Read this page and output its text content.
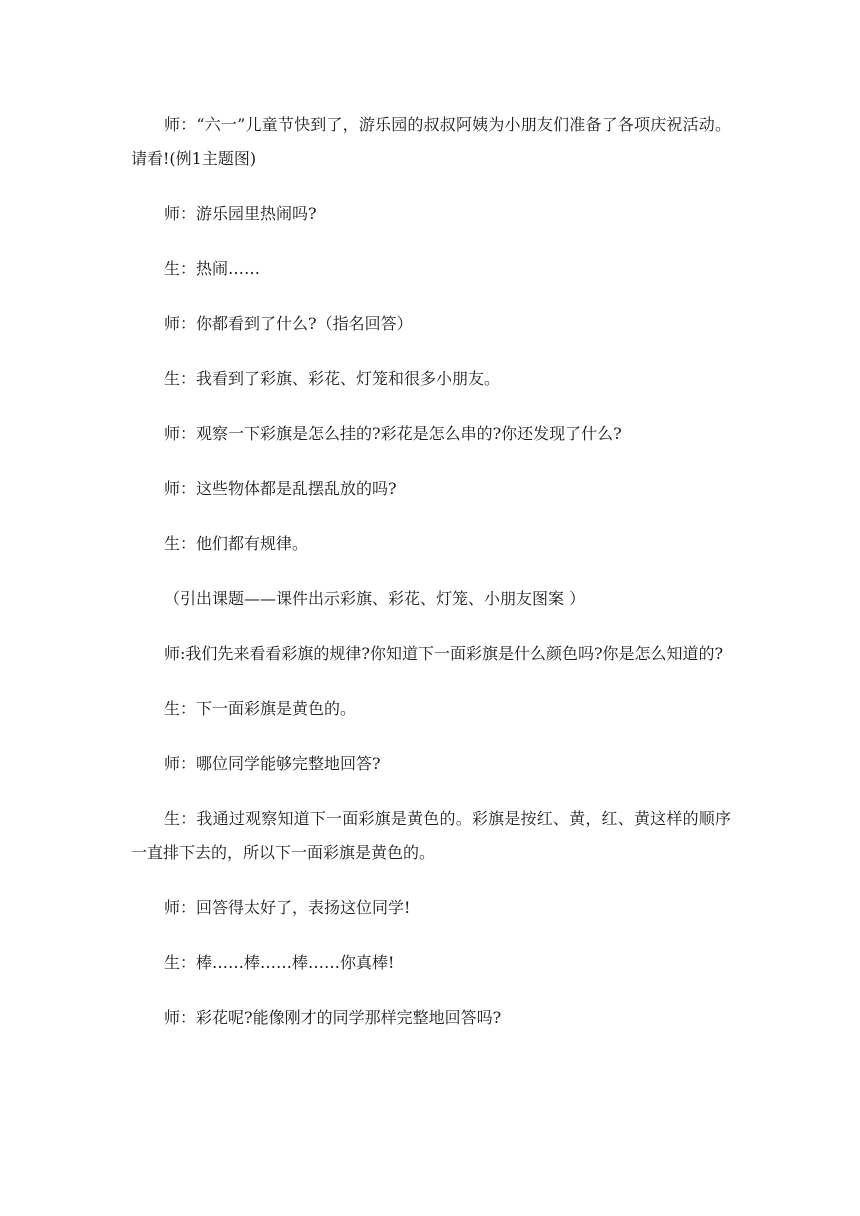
师：“六一”儿童节快到了，游乐园的叔叔阿姨为小朋友们准备了各项庆祝活动。请看!(例1主题图)

师：游乐园里热闹吗?

生：热闹……

师：你都看到了什么?（指名回答）

生：我看到了彩旗、彩花、灯笼和很多小朋友。

师：观察一下彩旗是怎么挂的?彩花是怎么串的?你还发现了什么?

师：这些物体都是乱摆乱放的吗?

生：他们都有规律。

（引出课题——课件出示彩旗、彩花、灯笼、小朋友图案 ）

师:我们先来看看彩旗的规律?你知道下一面彩旗是什么颜色吗?你是怎么知道的?

生：下一面彩旗是黄色的。

师：哪位同学能够完整地回答?

生：我通过观察知道下一面彩旗是黄色的。彩旗是按红、黄，红、黄这样的顺序一直排下去的，所以下一面彩旗是黄色的。

师：回答得太好了，表扬这位同学!

生：棒……棒……棒……你真棒!

师：彩花呢?能像刚才的同学那样完整地回答吗?
